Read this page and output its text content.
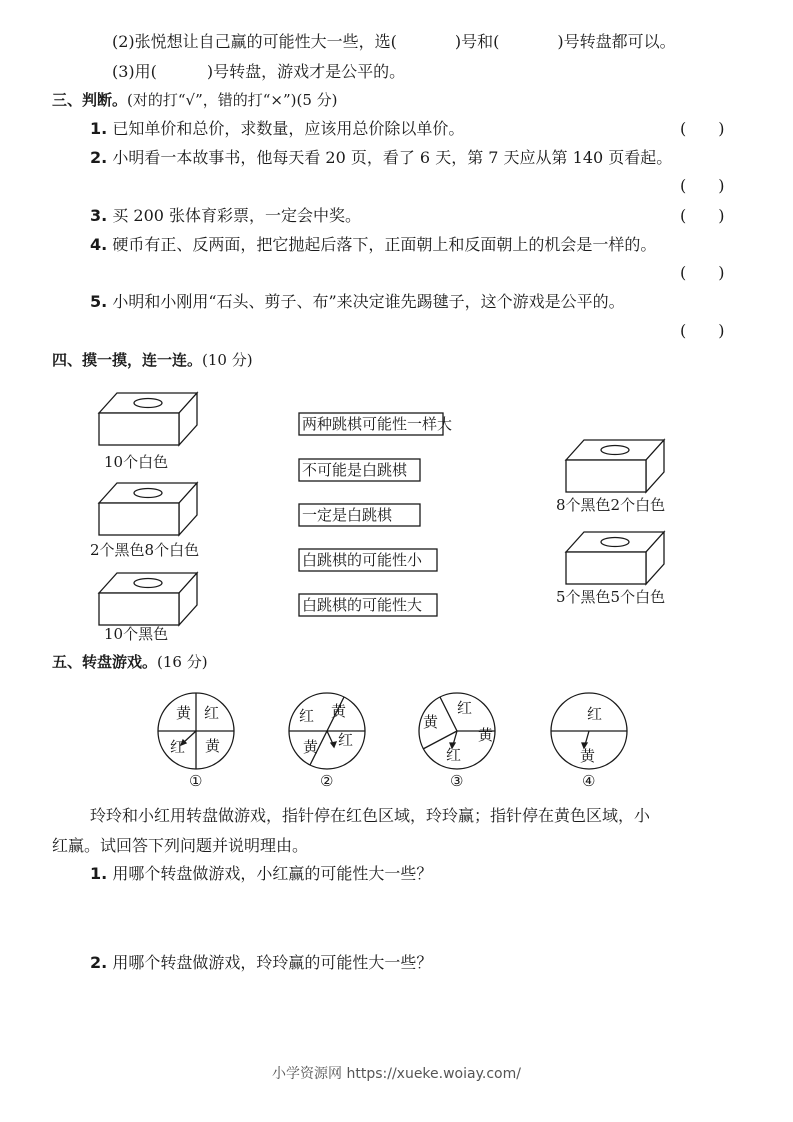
(2)张悦想让自己赢的可能性大一些，选(	)号和(	)号转盘都可以。
(3)用(	)号转盘，游戏才是公平的。
三、判断。(对的打“√”，错的打“×”)(5 分)
1. 已知单价和总价，求数量，应该用总价除以单价。	(　　)
2. 小明看一本故事书，他每天看 20 页，看了 6 天，第 7 天应从第 140 页看起。
(　　)
3. 买 200 张体育彩票，一定会中奖。	(　　)
4. 硬币有正、反两面，把它抛起后落下，正面朝上和反面朝上的机会是一样的。
(　　)
5. 小明和小刚用“石头、剪子、布”来决定谁先踢毽子，这个游戏是公平的。
(　　)
四、摸一摸，连一连。(10 分)
10个白色
2个黑色8个白色
10个黑色
8个黑色2个白色
5个黑色5个白色
两种跳棋可能性一样大
不可能是白跳棋
一定是白跳棋
白跳棋的可能性小
白跳棋的可能性大
五、转盘游戏。(16 分)
黄 红
红 黄
红 黄
黄 红
红
黄
黄
红
红
黄
①	②	③	④
玲玲和小红用转盘做游戏，指针停在红色区域，玲玲赢；指针停在黄色区域，小
红赢。试回答下列问题并说明理由。
1. 用哪个转盘做游戏，小红赢的可能性大一些？
2. 用哪个转盘做游戏，玲玲赢的可能性大一些？
小学资源网 https://xueke.woiay.com/
